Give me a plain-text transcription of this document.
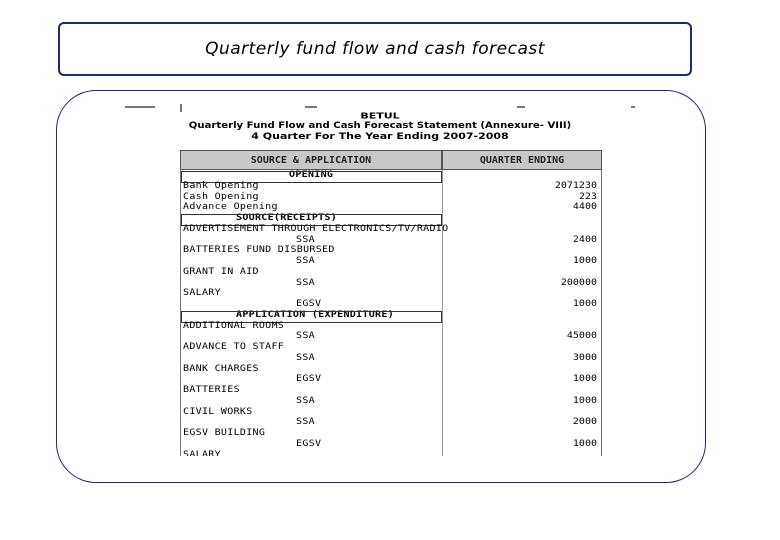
Quarterly fund flow and cash forecast
BETUL
Quarterly Fund Flow and Cash Forecast Statement (Annexure- VIII)
4 Quarter For The Year Ending 2007-2008
SOURCE & APPLICATION	QUARTER ENDING
OPENING
Bank Opening	2071230
Cash Opening	223
Advance Opening	4400
SOURCE(RECEIPTS)
ADVERTISEMENT THROUGH ELECTRONICS/TV/RADIO
SSA	2400
BATTERIES FUND DISBURSED
SSA	1000
GRANT IN AID
SSA	200000
SALARY
EGSV	1000
APPLICATION (EXPENDITURE)
ADDITIONAL ROOMS
SSA	45000
ADVANCE TO STAFF
SSA	3000
BANK CHARGES
EGSV	1000
BATTERIES
SSA	1000
CIVIL WORKS
SSA	2000
EGSV BUILDING
EGSV	1000
SALARY
